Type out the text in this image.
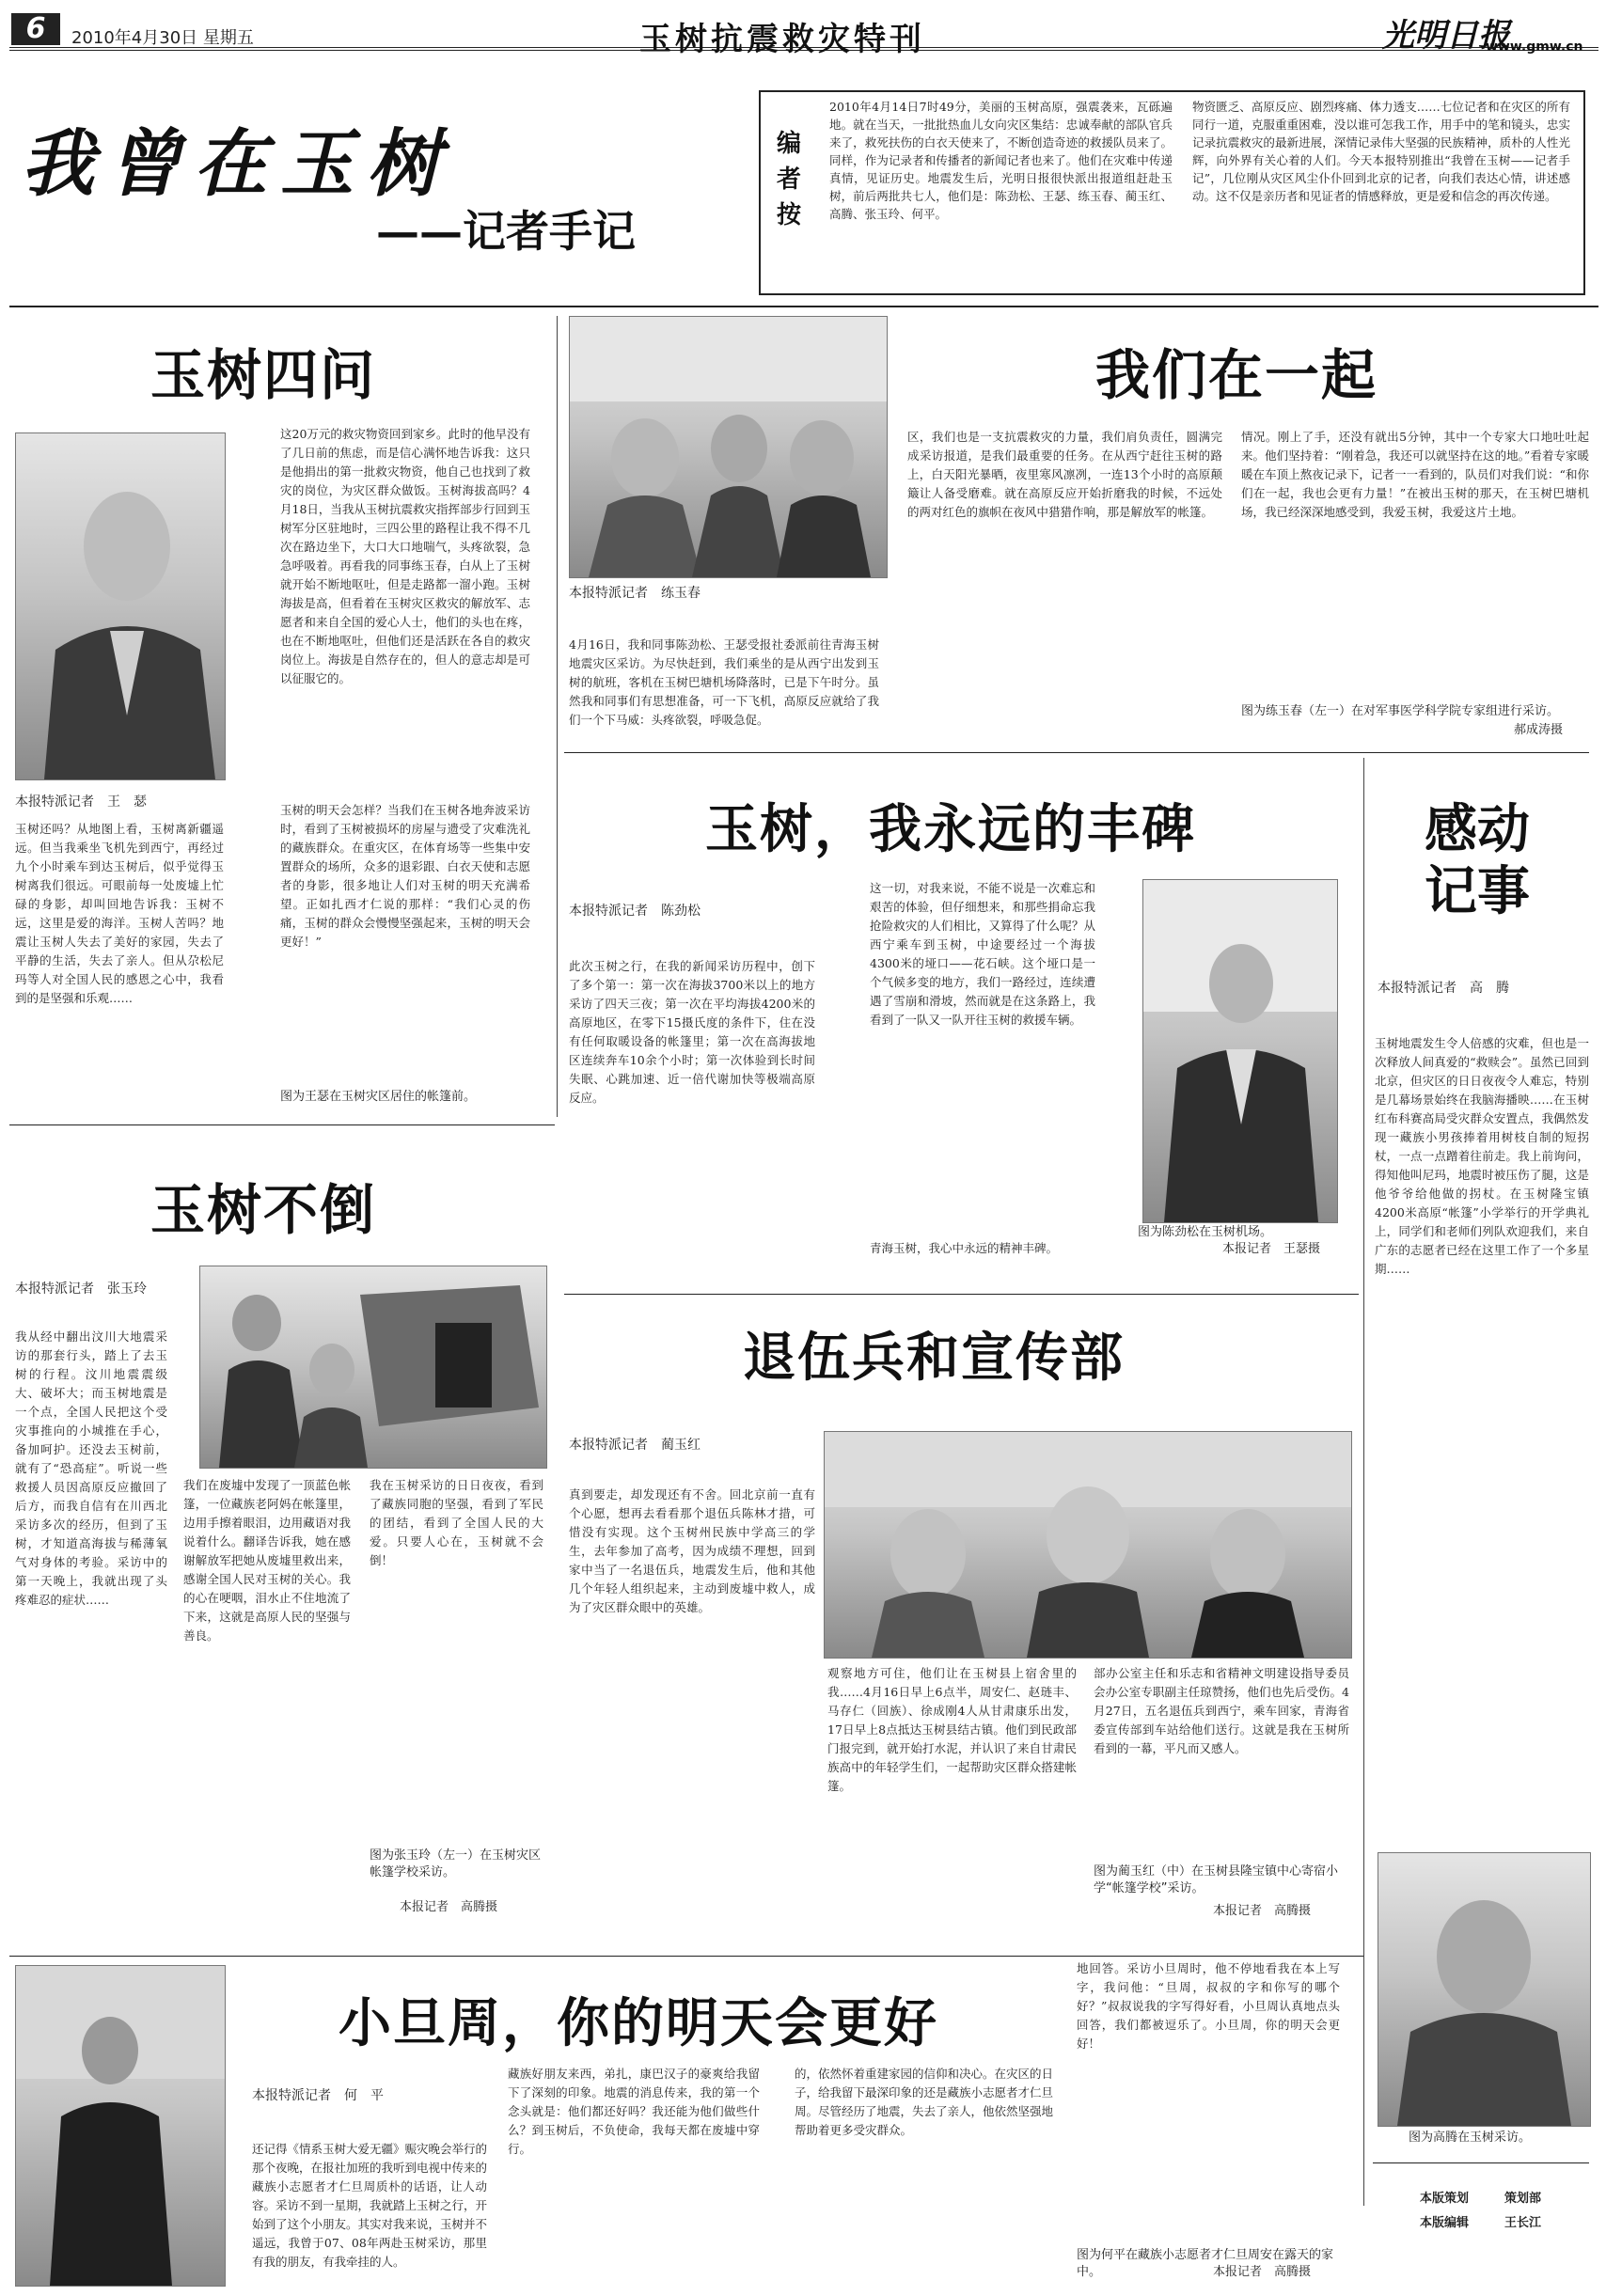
6	2010年4月30日 星期五	玉树抗震救灾特刊	光明日报
www.gmw.cn
我曾在玉树
——记者手记
编者按
2010年4月14日7时49分，美丽的玉树高原，强震袭来，瓦砾遍地。就在当天，一批批热血儿女向灾区集结：忠诚奉献的部队官兵来了，救死扶伤的白衣天使来了，不断创造奇迹的救援队员来了。同样，作为记录者和传播者的新闻记者也来了。他们在灾难中传递真情，见证历史。地震发生后，光明日报很快派出报道组赶赴玉树，前后两批共七人，他们是：陈劲松、王瑟、练玉春、蔺玉红、高腾、张玉玲、何平。
物资匮乏、高原反应、剧烈疼痛、体力透支……七位记者和在灾区的所有同行一道，克服重重困难，没以谁可怎我工作，用手中的笔和镜头，忠实记录抗震救灾的最新进展，深情记录伟大坚强的民族精神，质朴的人性光辉，向外界有关心着的人们。今天本报特别推出“我曾在玉树——记者手记”，几位刚从灾区风尘仆仆回到北京的记者，向我们表达心情，讲述感动。这不仅是亲历者和见证者的情感释放，更是爱和信念的再次传递。
玉树四问
本报特派记者　王　瑟
玉树还吗？从地图上看，玉树离新疆遥远。但当我乘坐飞机先到西宁，再经过九个小时乘车到达玉树后，似乎觉得玉树离我们很远。可眼前每一处废墟上忙碌的身影，却叫回地告诉我：玉树不远，这里是爱的海洋。玉树人苦吗？地震让玉树人失去了美好的家园，失去了平静的生活，失去了亲人。但从尕松尼玛等人对全国人民的感恩之心中，我看到的是坚强和乐观……
这20万元的救灾物资回到家乡。此时的他早没有了几日前的焦虑，而是信心满怀地告诉我：这只是他捐出的第一批救灾物资，他自己也找到了救灾的岗位，为灾区群众做饭。玉树海拔高吗？4月18日，当我从玉树抗震救灾指挥部步行回到玉树军分区驻地时，三四公里的路程让我不得不几次在路边坐下，大口大口地喘气，头疼欲裂，急急呼吸着。再看我的同事练玉春，白从上了玉树就开始不断地呕吐，但是走路都一溜小跑。玉树海拔是高，但看着在玉树灾区救灾的解放军、志愿者和来自全国的爱心人士，他们的头也在疼，也在不断地呕吐，但他们还是活跃在各自的救灾岗位上。海拔是自然存在的，但人的意志却是可以征服它的。
玉树的明天会怎样？当我们在玉树各地奔波采访时，看到了玉树被损坏的房屋与遗受了灾难洗礼的藏族群众。在重灾区，在体育场等一些集中安置群众的场所，众多的退彩跟、白衣天使和志愿者的身影，很多地让人们对玉树的明天充满希望。正如扎西才仁说的那样：“我们心灵的伤痛，玉树的群众会慢慢坚强起来，玉树的明天会更好！”
图为王瑟在玉树灾区居住的帐篷前。
本报特派记者　练玉春
我们在一起
4月16日，我和同事陈劲松、王瑟受报社委派前往青海玉树地震灾区采访。为尽快赶到，我们乘坐的是从西宁出发到玉树的航班，客机在玉树巴塘机场降落时，已是下午时分。虽然我和同事们有思想准备，可一下飞机，高原反应就给了我们一个下马威：头疼欲裂，呼吸急促。
区，我们也是一支抗震救灾的力量，我们肩负责任，圆满完成采访报道，是我们最重要的任务。在从西宁赶往玉树的路上，白天阳光暴晒，夜里寒风凛冽，一连13个小时的高原颠簸让人备受磨难。就在高原反应开始折磨我的时候，不远处的两对红色的旗帜在夜风中猎猎作响，那是解放军的帐篷。
情况。刚上了手，还没有就出5分钟，其中一个专家大口地吐吐起来。他们坚持着：“刚着急，我还可以就坚持在这的地。”看着专家暖暖在车顶上熬夜记录下，记者一一看到的，队员们对我们说：“和你们在一起，我也会更有力量！”在被出玉树的那天，在玉树巴塘机场，我已经深深地感受到，我爱玉树，我爱这片土地。
图为练玉春（左一）在对军事医学科学院专家组进行采访。
郝成涛摄
玉树，我永远的丰碑
本报特派记者　陈劲松
此次玉树之行，在我的新闻采访历程中，创下了多个第一：第一次在海拔3700米以上的地方采访了四天三夜；第一次在平均海拔4200米的高原地区，在零下15摄氏度的条件下，住在没有任何取暖设备的帐篷里；第一次在高海拔地区连续奔车10余个小时；第一次体验到长时间失眠、心跳加速、近一倍代谢加快等极端高原反应。
这一切，对我来说，不能不说是一次难忘和艰苦的体验，但仔细想来，和那些捐命忘我抢险救灾的人们相比，又算得了什么呢？从西宁乘车到玉树，中途要经过一个海拔4300米的垭口——花石峡。这个垭口是一个气候多变的地方，我们一路经过，连续遭遇了雪崩和滑坡，然而就是在这条路上，我看到了一队又一队开往玉树的救援车辆。
图为陈劲松在玉树机场。
本报记者　王瑟摄
青海玉树，我心中永远的精神丰碑。
感动记事
本报特派记者　高　腾
玉树地震发生令人倍感的灾难，但也是一次释放人间真爱的“救赎会”。虽然已回到北京，但灾区的日日夜夜令人难忘，特别是几幕场景始终在我脑海播映……在玉树红布科赛高局受灾群众安置点，我偶然发现一藏族小男孩捧着用树枝自制的短拐杖，一点一点蹭着往前走。我上前询问，得知他叫尼玛，地震时被压伤了腿，这是他爷爷给他做的拐杖。在玉树隆宝镇4200米高原“帐篷”小学举行的开学典礼上，同学们和老师们列队欢迎我们，来自广东的志愿者已经在这里工作了一个多星期……
图为高腾在玉树采访。
本版策划	策划部
本版编辑	王长江
玉树不倒
本报特派记者　张玉玲
我从经中翻出汶川大地震采访的那套行头，踏上了去玉树的行程。汶川地震震级大、破坏大；而玉树地震是一个点，全国人民把这个受灾事推向的小城推在手心，备加呵护。还没去玉树前，就有了“恐高症”。听说一些救援人员因高原反应撤回了后方，而我自信有在川西北采访多次的经历，但到了玉树，才知道高海拔与稀薄氧气对身体的考验。采访中的第一天晚上，我就出现了头疼难忍的症状……
我们在废墟中发现了一顶蓝色帐篷，一位藏族老阿妈在帐篷里，边用手擦着眼泪，边用藏语对我说着什么。翻译告诉我，她在感谢解放军把她从废墟里救出来，感谢全国人民对玉树的关心。我的心在哽咽，泪水止不住地流了下来，这就是高原人民的坚强与善良。
我在玉树采访的日日夜夜，看到了藏族同胞的坚强，看到了军民的团结，看到了全国人民的大爱。只要人心在，玉树就不会倒！
图为张玉玲（左一）在玉树灾区帐篷学校采访。
本报记者　高腾摄
退伍兵和宣传部
本报特派记者　蔺玉红
真到要走，却发现还有不舍。回北京前一直有个心愿，想再去看看那个退伍兵陈林才措，可惜没有实现。这个玉树州民族中学高三的学生，去年参加了高考，因为成绩不理想，回到家中当了一名退伍兵，地震发生后，他和其他几个年轻人组织起来，主动到废墟中救人，成为了灾区群众眼中的英雄。
观察地方可住，他们让在玉树县上宿舍里的我……4月16日早上6点半，周安仁、赵琏丰、马存仁（回族）、徐成刚4人从甘肃康乐出发，17日早上8点抵达玉树县结古镇。他们到民政部门报完到，就开始打水泥，并认识了来自甘肃民族高中的年轻学生们，一起帮助灾区群众搭建帐篷。
部办公室主任和乐志和省精神文明建设指导委员会办公室专职副主任琼赞扬，他们也先后受伤。4月27日，五名退伍兵到西宁，乘车回家，青海省委宣传部到车站给他们送行。这就是我在玉树所看到的一幕，平凡而又感人。
图为蔺玉红（中）在玉树县隆宝镇中心寄宿小学“帐篷学校”采访。
本报记者　高腾摄
小旦周，你的明天会更好
本报特派记者　何　平
还记得《情系玉树大爱无疆》赈灾晚会举行的那个夜晚，在报社加班的我听到电视中传来的藏族小志愿者才仁旦周质朴的话语，让人动容。采访不到一星期，我就踏上玉树之行，开始到了这个小朋友。其实对我来说，玉树并不遥远，我曾于07、08年两赴玉树采访，那里有我的朋友，有我牵挂的人。
藏族好朋友来西，弟扎，康巴汉子的豪爽给我留下了深刻的印象。地震的消息传来，我的第一个念头就是：他们都还好吗？我还能为他们做些什么？到玉树后，不负使命，我每天都在废墟中穿行。
的，依然怀着重建家园的信仰和决心。在灾区的日子，给我留下最深印象的还是藏族小志愿者才仁旦周。尽管经历了地震，失去了亲人，他依然坚强地帮助着更多受灾群众。
地回答。采访小旦周时，他不停地看我在本上写字，我问他：“旦周，叔叔的字和你写的哪个好？”叔叔说我的字写得好看，小旦周认真地点头回答，我们都被逗乐了。小旦周，你的明天会更好！
图为何平在藏族小志愿者才仁旦周安在露天的家中。	本报记者　高腾摄
